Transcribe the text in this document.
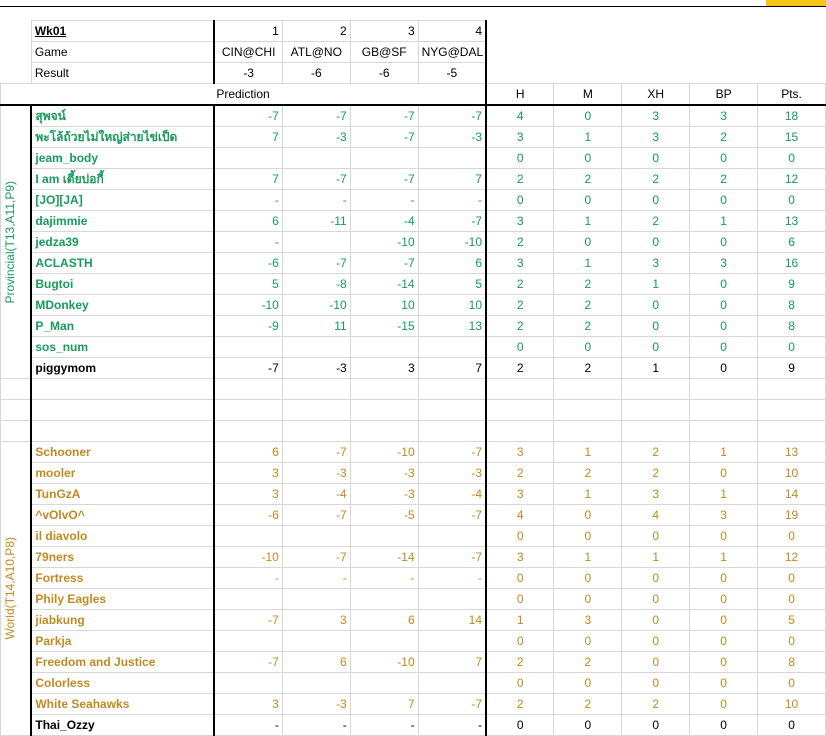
	Wk01	1	2	3	4					
	Game	CIN@CHI	ATL@NO	GB@SF	NYG@DAL					
	Result	-3	-6	-6	-5					
Prediction						H	M	XH	BP	Pts.

Provincial(T13,A11,P9)	สุพจน์	-7	-7	-7	-7	4	0	3	3	18
	พะโล้ถ้วยไม่ใหญ่ส่ายไข่เป็ด	7	-3	-7	-3	3	1	3	2	15
	jeam_body					0	0	0	0	0
	I am เตี้ยบ่อกี้	7	-7	-7	7	2	2	2	2	12
	[JO][JA]	-	-	-	-	0	0	0	0	0
	dajimmie	6	-11	-4	-7	3	1	2	1	13
	jedza39	-		-10	-10	2	0	0	0	6
	ACLASTH	-6	-7	-7	6	3	1	3	3	16
	Bugtoi	5	-8	-14	5	2	2	1	0	9
	MDonkey	-10	-10	10	10	2	2	0	0	8
	P_Man	-9	11	-15	13	2	2	0	0	8
	sos_num					0	0	0	0	0
	piggymom	-7	-3	3	7	2	2	1	0	9

World(T14,A10,P8)	Schooner	6	-7	-10	-7	3	1	2	1	13
	mooler	3	-3	-3	-3	2	2	2	0	10
	TunGzA	3	-4	-3	-4	3	1	3	1	14
	^vOlvO^	-6	-7	-5	-7	4	0	4	3	19
	il diavolo					0	0	0	0	0
	79ners	-10	-7	-14	-7	3	1	1	1	12
	Fortress	-	-	-	-	0	0	0	0	0
	Phily Eagles					0	0	0	0	0
	jiabkung	-7	3	6	14	1	3	0	0	5
	Parkja					0	0	0	0	0
	Freedom and Justice	-7	6	-10	7	2	2	0	0	8
	Colorless					0	0	0	0	0
	White Seahawks	3	-3	7	-7	2	2	2	0	10
	Thai_Ozzy	-	-	-	-	0	0	0	0	0
